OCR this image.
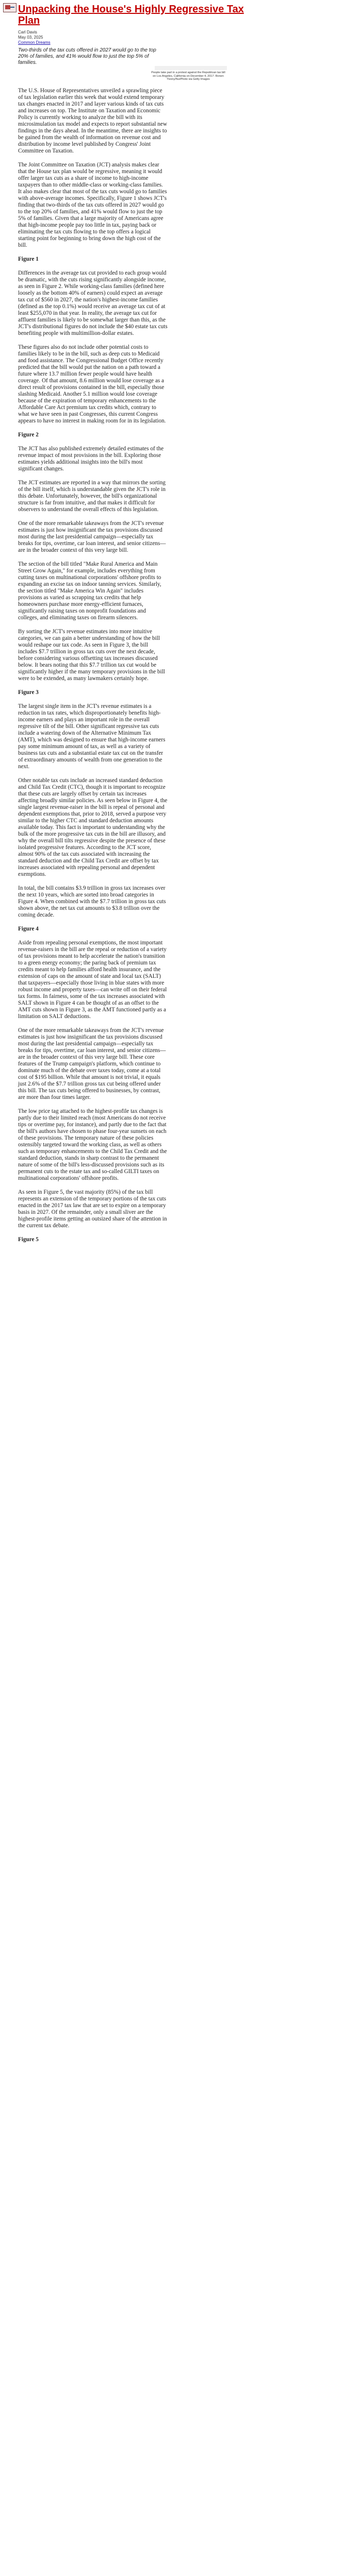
Unpacking the House's Highly Regressive Tax Plan
Carl Davis
May 03, 2025
Common Dreams

Two-thirds of the tax cuts offered in 2027 would go to the top 20% of families, and 41% would flow to just the top 5% of families.

People take part in a protest against the Republican tax bill on Los Angeles, California on December 4, 2017. Ronen Tivony/NurPhoto via Getty Images

The U.S. House of Representatives unveiled a sprawling piece of tax legislation earlier this week that would extend temporary tax changes enacted in 2017 and layer various kinds of tax cuts and increases on top. The Institute on Taxation and Economic Policy is currently working to analyze the bill with its microsimulation tax model and expects to report substantial new findings in the days ahead. In the meantime, there are insights to be gained from the wealth of information on revenue cost and distribution by income level published by Congress' Joint Committee on Taxation.

The Joint Committee on Taxation (JCT) analysis makes clear that the House tax plan would be regressive, meaning it would offer larger tax cuts as a share of income to high-income taxpayers than to other middle-class or working-class families. It also makes clear that most of the tax cuts would go to families with above-average incomes. Specifically, Figure 1 shows JCT's finding that two-thirds of the tax cuts offered in 2027 would go to the top 20% of families, and 41% would flow to just the top 5% of families. Given that a large majority of Americans agree that high-income people pay too little in tax, paying back or eliminating the tax cuts flowing to the top offers a logical starting point for beginning to bring down the high cost of the bill.

Figure 1

Differences in the average tax cut provided to each group would be dramatic, with the cuts rising significantly alongside income, as seen in Figure 2. While working-class families (defined here loosely as the bottom 40% of earners) could expect an average tax cut of $560 in 2027, the nation's highest-income families (defined as the top 0.1%) would receive an average tax cut of at least $255,070 in that year. In reality, the average tax cut for affluent families is likely to be somewhat larger than this, as the JCT's distributional figures do not include the $40 estate tax cuts benefiting people with multimillion-dollar estates.

These figures also do not include other potential costs to families likely to be in the bill, such as deep cuts to Medicaid and food assistance. The Congressional Budget Office recently predicted that the bill would put the nation on a path toward a future where 13.7 million fewer people would have health coverage. Of that amount, 8.6 million would lose coverage as a direct result of provisions contained in the bill, especially those slashing Medicaid. Another 5.1 million would lose coverage because of the expiration of temporary enhancements to the Affordable Care Act premium tax credits which, contrary to what we have seen in past Congresses, this current Congress appears to have no interest in making room for in its legislation.

Figure 2

The JCT has also published extremely detailed estimates of the revenue impact of most provisions in the bill. Exploring those estimates yields additional insights into the bill's most significant changes.

The JCT estimates are reported in a way that mirrors the sorting of the bill itself, which is understandable given the JCT's role in this debate. Unfortunately, however, the bill's organizational structure is far from intuitive, and that makes it difficult for observers to understand the overall effects of this legislation.

One of the more remarkable takeaways from the JCT's revenue estimates is just how insignificant the tax provisions discussed most during the last presidential campaign—especially tax breaks for tips, overtime, car loan interest, and senior citizens—are in the broader context of this very large bill.

The section of the bill titled "Make Rural America and Main Street Grow Again," for example, includes everything from cutting taxes on multinational corporations' offshore profits to expanding an excise tax on indoor tanning services. Similarly, the section titled "Make America Win Again" includes provisions as varied as scrapping tax credits that help homeowners purchase more energy-efficient furnaces, significantly raising taxes on nonprofit foundations and colleges, and eliminating taxes on firearm silencers.

By sorting the JCT's revenue estimates into more intuitive categories, we can gain a better understanding of how the bill would reshape our tax code. As seen in Figure 3, the bill includes $7.7 trillion in gross tax cuts over the next decade, before considering various offsetting tax increases discussed below. It bears noting that this $7.7 trillion tax cut would be significantly higher if the many temporary provisions in the bill were to be extended, as many lawmakers certainly hope.

Figure 3

The largest single item in the JCT's revenue estimates is a reduction in tax rates, which disproportionately benefits high-income earners and plays an important role in the overall regressive tilt of the bill. Other significant regressive tax cuts include a watering down of the Alternative Minimum Tax (AMT), which was designed to ensure that high-income earners pay some minimum amount of tax, as well as a variety of business tax cuts and a substantial estate tax cut on the transfer of extraordinary amounts of wealth from one generation to the next.

Other notable tax cuts include an increased standard deduction and Child Tax Credit (CTC), though it is important to recognize that these cuts are largely offset by certain tax increases affecting broadly similar policies. As seen below in Figure 4, the single largest revenue-raiser in the bill is repeal of personal and dependent exemptions that, prior to 2018, served a purpose very similar to the higher CTC and standard deduction amounts available today. This fact is important to understanding why the bulk of the more progressive tax cuts in the bill are illusory, and why the overall bill tilts regressive despite the presence of these isolated progressive features. According to the JCT score, almost 90% of the tax cuts associated with increasing the standard deduction and the Child Tax Credit are offset by tax increases associated with repealing personal and dependent exemptions.

In total, the bill contains $3.9 trillion in gross tax increases over the next 10 years, which are sorted into broad categories in Figure 4. When combined with the $7.7 trillion in gross tax cuts shown above, the net tax cut amounts to $3.8 trillion over the coming decade.

Figure 4

Aside from repealing personal exemptions, the most important revenue-raisers in the bill are the repeal or reduction of a variety of tax provisions meant to help accelerate the nation's transition to a green energy economy; the paring back of premium tax credits meant to help families afford health insurance, and the extension of caps on the amount of state and local tax (SALT) that taxpayers—especially those living in blue states with more robust income and property taxes—can write off on their federal tax forms. In fairness, some of the tax increases associated with SALT shown in Figure 4 can be thought of as an offset to the AMT cuts shown in Figure 3, as the AMT functioned partly as a limitation on SALT deductions.

One of the more remarkable takeaways from the JCT's revenue estimates is just how insignificant the tax provisions discussed most during the last presidential campaign—especially tax breaks for tips, overtime, car loan interest, and senior citizens—are in the broader context of this very large bill. These core features of the Trump campaign's platform, which continue to dominate much of the debate over taxes today, come at a total cost of $195 billion. While that amount is not trivial, it equals just 2.6% of the $7.7 trillion gross tax cut being offered under this bill. The tax cuts being offered to businesses, by contrast, are more than four times larger.

The low price tag attached to the highest-profile tax changes is partly due to their limited reach (most Americans do not receive tips or overtime pay, for instance), and partly due to the fact that the bill's authors have chosen to phase four-year sunsets on each of these provisions. The temporary nature of these policies ostensibly targeted toward the working class, as well as others such as temporary enhancements to the Child Tax Credit and the standard deduction, stands in sharp contrast to the permanent nature of some of the bill's less-discussed provisions such as its permanent cuts to the estate tax and so-called GILTI taxes on multinational corporations' offshore profits.

As seen in Figure 5, the vast majority (85%) of the tax bill represents an extension of the temporary portions of the tax cuts enacted in the 2017 tax law that are set to expire on a temporary basis in 2027. Of the remainder, only a small sliver are the highest-profile items getting an outsized share of the attention in the current tax debate.

Figure 5
